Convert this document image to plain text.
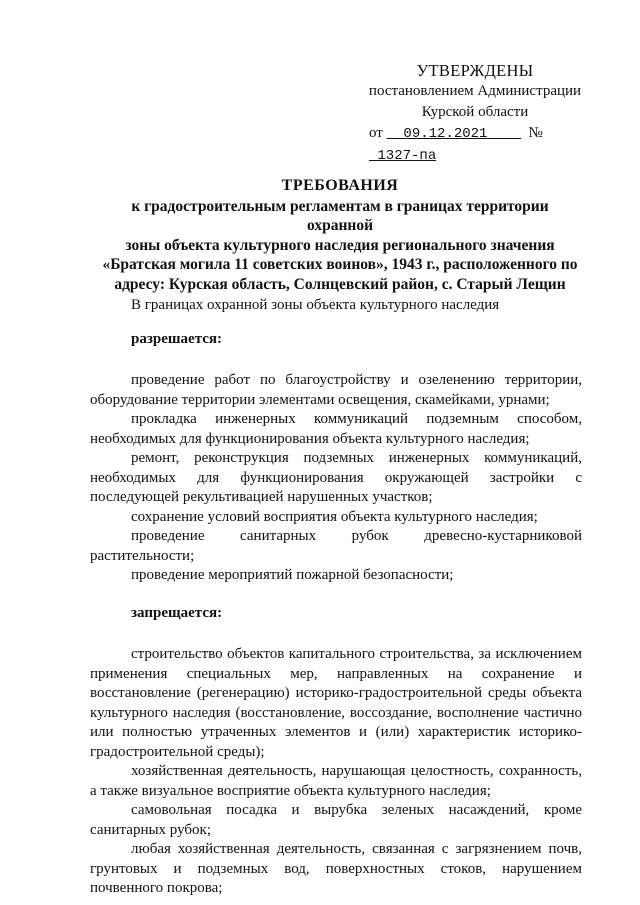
УТВЕРЖДЕНЫ
постановлением Администрации
Курской области
от 09.12.2021	№  1327-па
ТРЕБОВАНИЯ
к градостроительным регламентам в границах территории охранной
зоны объекта культурного наследия регионального значения
«Братская могила 11 советских воинов», 1943 г., расположенного по
адресу: Курская область, Солнцевский район, с. Старый Лещин

В границах охранной зоны объекта культурного наследия

разрешается:

проведение работ по благоустройству и озеленению территории, оборудование территории элементами освещения, скамейками, урнами;

прокладка инженерных коммуникаций подземным способом, необходимых для функционирования объекта культурного наследия;

ремонт, реконструкция подземных инженерных коммуникаций, необходимых для функционирования окружающей застройки с последующей рекультивацией нарушенных участков;

сохранение условий восприятия объекта культурного наследия;

проведение санитарных рубок древесно-кустарниковой растительности;

проведение мероприятий пожарной безопасности;

запрещается:

строительство объектов капитального строительства, за исключением применения специальных мер, направленных на сохранение и восстановление (регенерацию) историко-градостроительной среды объекта культурного наследия (восстановление, воссоздание, восполнение частично или полностью утраченных элементов и (или) характеристик историко-градостроительной среды);

хозяйственная деятельность, нарушающая целостность, сохранность, а также визуальное восприятие объекта культурного наследия;

самовольная посадка и вырубка зеленых насаждений, кроме санитарных рубок;

любая хозяйственная деятельность, связанная с загрязнением почв, грунтовых и подземных вод, поверхностных стоков, нарушением почвенного покрова;
